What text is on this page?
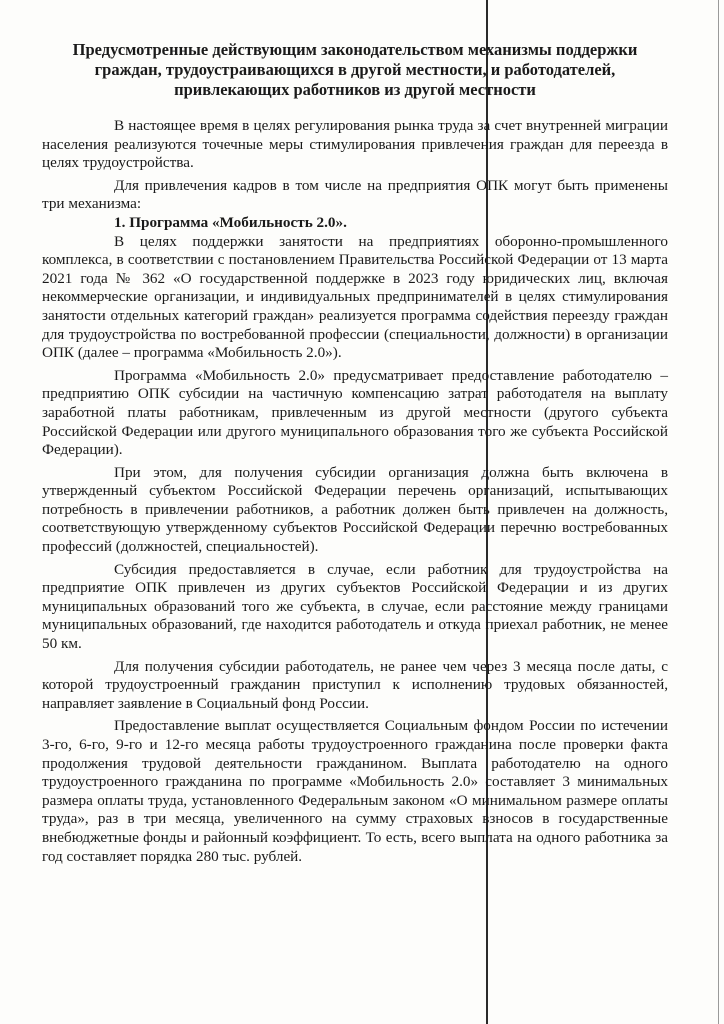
Предусмотренные действующим законодательством механизмы поддержки граждан, трудоустраивающихся в другой местности, и работодателей, привлекающих работников из другой местности

В настоящее время в целях регулирования рынка труда за счет внутренней миграции населения реализуются точечные меры стимулирования привлечения граждан для переезда в целях трудоустройства.

Для привлечения кадров в том числе на предприятия ОПК могут быть применены три механизма:

1. Программа «Мобильность 2.0».

В целях поддержки занятости на предприятиях оборонно-промышленного комплекса, в соответствии с постановлением Правительства Российской Федерации от 13 марта 2021 года № 362 «О государственной поддержке в 2023 году юридических лиц, включая некоммерческие организации, и индивидуальных предпринимателей в целях стимулирования занятости отдельных категорий граждан» реализуется программа содействия переезду граждан для трудоустройства по востребованной профессии (специальности, должности) в организации ОПК (далее – программа «Мобильность 2.0»).

Программа «Мобильность 2.0» предусматривает предоставление работодателю – предприятию ОПК субсидии на частичную компенсацию затрат работодателя на выплату заработной платы работникам, привлеченным из другой местности (другого субъекта Российской Федерации или другого муниципального образования того же субъекта Российской Федерации).

При этом, для получения субсидии организация должна быть включена в утвержденный субъектом Российской Федерации перечень организаций, испытывающих потребность в привлечении работников, а работник должен быть привлечен на должность, соответствующую утвержденному субъектов Российской Федерации перечню востребованных профессий (должностей, специальностей).

Субсидия предоставляется в случае, если работник для трудоустройства на предприятие ОПК привлечен из других субъектов Российской Федерации и из других муниципальных образований того же субъекта, в случае, если расстояние между границами муниципальных образований, где находится работодатель и откуда приехал работник, не менее 50 км.

Для получения субсидии работодатель, не ранее чем через 3 месяца после даты, с которой трудоустроенный гражданин приступил к исполнению трудовых обязанностей, направляет заявление в Социальный фонд России.

Предоставление выплат осуществляется Социальным фондом России по истечении 3-го, 6-го, 9-го и 12-го месяца работы трудоустроенного гражданина после проверки факта продолжения трудовой деятельности гражданином. Выплата работодателю на одного трудоустроенного гражданина по программе «Мобильность 2.0» составляет 3 минимальных размера оплаты труда, установленного Федеральным законом «О минимальном размере оплаты труда», раз в три месяца, увеличенного на сумму страховых взносов в государственные внебюджетные фонды и районный коэффициент. То есть, всего выплата на одного работника за год составляет порядка 280 тыс. рублей.
